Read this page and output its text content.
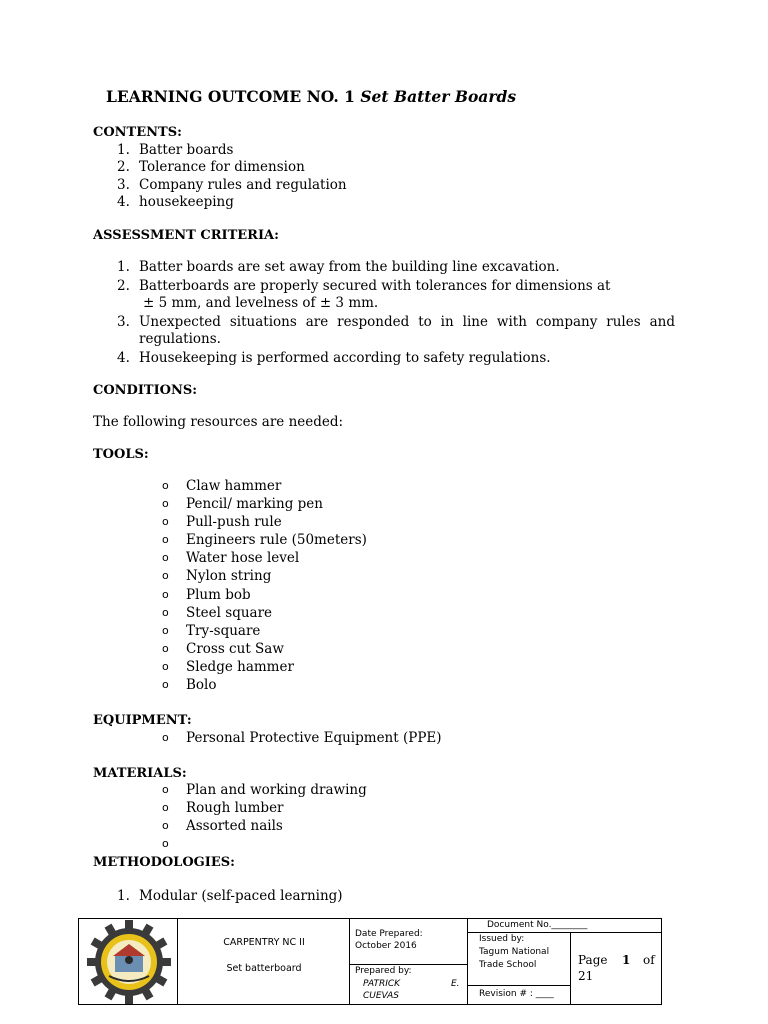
LEARNING OUTCOME NO. 1 Set Batter Boards
CONTENTS:
1. Batter boards
2. Tolerance for dimension
3. Company rules and regulation
4. housekeeping
ASSESSMENT CRITERIA:
1. Batter boards are set away from the building line excavation.
2. Batterboards are properly secured with tolerances for dimensions at
± 5 mm, and levelness of ± 3 mm.
3. Unexpected situations are responded to in line with company rules and regulations.
4. Housekeeping is performed according to safety regulations.
CONDITIONS:
The following resources are needed:
TOOLS:
o Claw hammer
o Pencil/ marking pen
o Pull-push rule
o Engineers rule (50meters)
o Water hose level
o Nylon string
o Plum bob
o Steel square
o Try-square
o Cross cut Saw
o Sledge hammer
o Bolo
EQUIPMENT:
o Personal Protective Equipment (PPE)
MATERIALS:
o Plan and working drawing
o Rough lumber
o Assorted nails
o
METHODOLOGIES:
1. Modular (self-paced learning)
CARPENTRY NC II
Set batterboard
Date Prepared:
October 2016
Prepared by:
PATRICK	E.
CUEVAS
Document No.________
Issued by:
Tagum National
Trade School
Revision # : ____
Page 1 of
21
